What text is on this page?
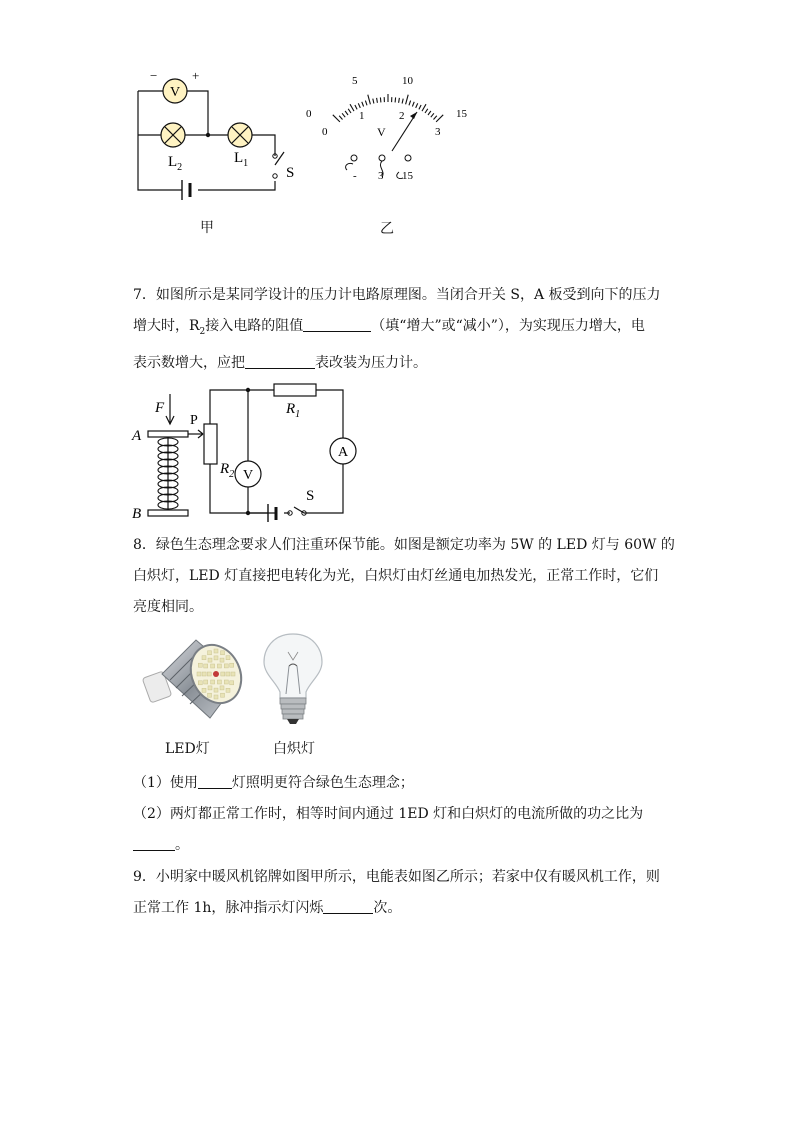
V
−	+
$L_2$
$L_1$
S
甲
0
5	10
15
0
1	2
3
V
- 3 15
乙
7．如图所示是某同学设计的压力计电路原理图。当闭合开关 S，A 板受到向下的压力
增大时，$R_2$接入电路的阻值	（填“增大”或“减小”），为实现压力增大，电
表示数增大，应把	表改装为压力计。
V
A
F
P
A
B
$R_1$
$R_2$
S
8．绿色生态理念要求人们注重环保节能。如图是额定功率为 5W 的 LED 灯与 60W 的
白炽灯，LED 灯直接把电转化为光，白炽灯由灯丝通电加热发光，正常工作时，它们
亮度相同。
LED灯	白炽灯
（1）使用 灯照明更符合绿色生态理念；
（2）两灯都正常工作时，相等时间内通过 1ED 灯和白炽灯的电流所做的功之比为
。
9．小明家中暖风机铭牌如图甲所示，电能表如图乙所示；若家中仅有暖风机工作，则
正常工作 1h，脉冲指示灯闪烁	次。
